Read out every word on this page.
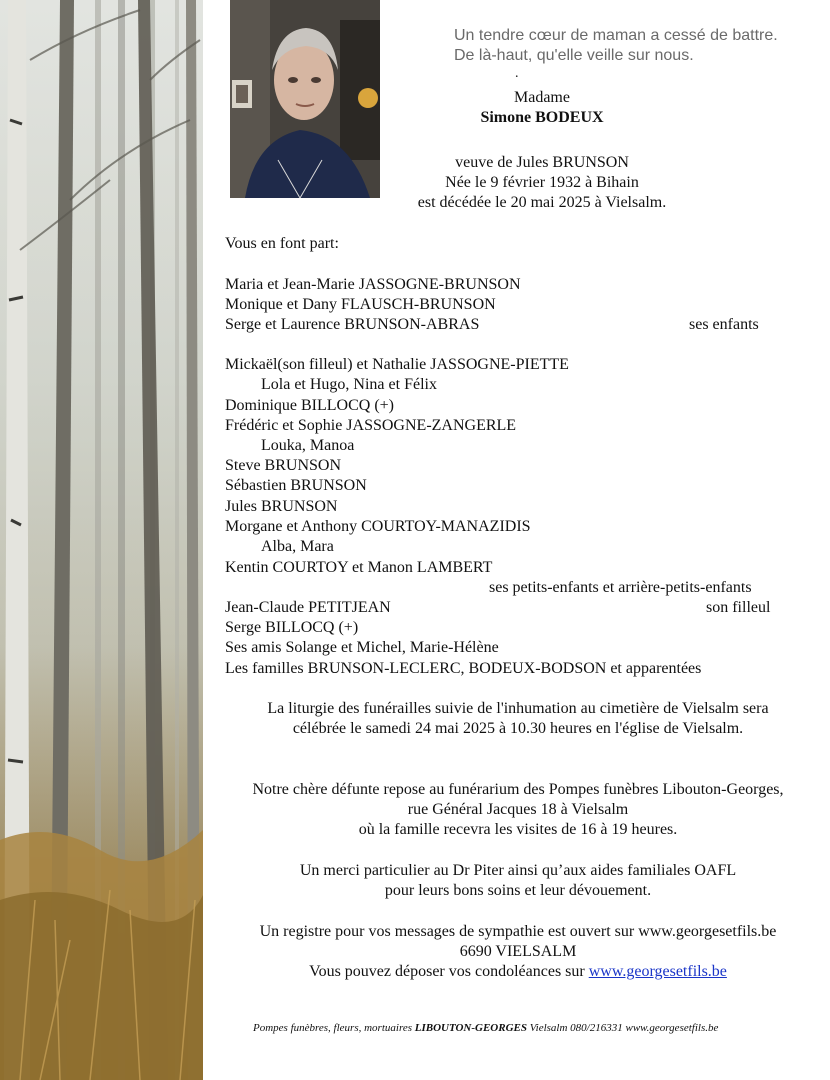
Un tendre cœur de maman a cessé de battre.
De là-haut, qu'elle veille sur nous.
.
Madame
Simone BODEUX
veuve de Jules BRUNSON
Née le 9 février 1932 à Bihain
est décédée le 20 mai 2025 à Vielsalm.
Vous en font part:
Maria et Jean-Marie JASSOGNE-BRUNSON
Monique et Dany FLAUSCH-BRUNSON
Serge et Laurence BRUNSON-ABRAS	ses enfants
Mickaël(son filleul) et Nathalie JASSOGNE-PIETTE
Lola et Hugo, Nina et Félix
Dominique BILLOCQ (+)
Frédéric et Sophie JASSOGNE-ZANGERLE
Louka, Manoa
Steve BRUNSON
Sébastien BRUNSON
Jules BRUNSON
Morgane et Anthony COURTOY-MANAZIDIS
Alba, Mara
Kentin COURTOY et Manon LAMBERT
ses petits-enfants et arrière-petits-enfants
Jean-Claude PETITJEAN	son filleul
Serge BILLOCQ (+)
Ses amis Solange et Michel, Marie-Hélène
Les familles BRUNSON-LECLERC, BODEUX-BODSON et apparentées
La liturgie des funérailles suivie de l'inhumation au cimetière de Vielsalm sera
célébrée le samedi 24 mai 2025 à 10.30 heures en l'église de Vielsalm.
Notre chère défunte repose au funérarium des Pompes funèbres Libouton-Georges,
rue Général Jacques 18 à Vielsalm
où la famille recevra les visites de 16 à 19 heures.
Un merci particulier au Dr Piter ainsi qu’aux aides familiales OAFL
pour leurs bons soins et leur dévouement.
Un registre pour vos messages de sympathie est ouvert sur www.georgesetfils.be
6690 VIELSALM
Vous pouvez déposer vos condoléances sur www.georgesetfils.be
Pompes funèbres, fleurs, mortuaires LIBOUTON-GEORGES Vielsalm 080/216331 www.georgesetfils.be
